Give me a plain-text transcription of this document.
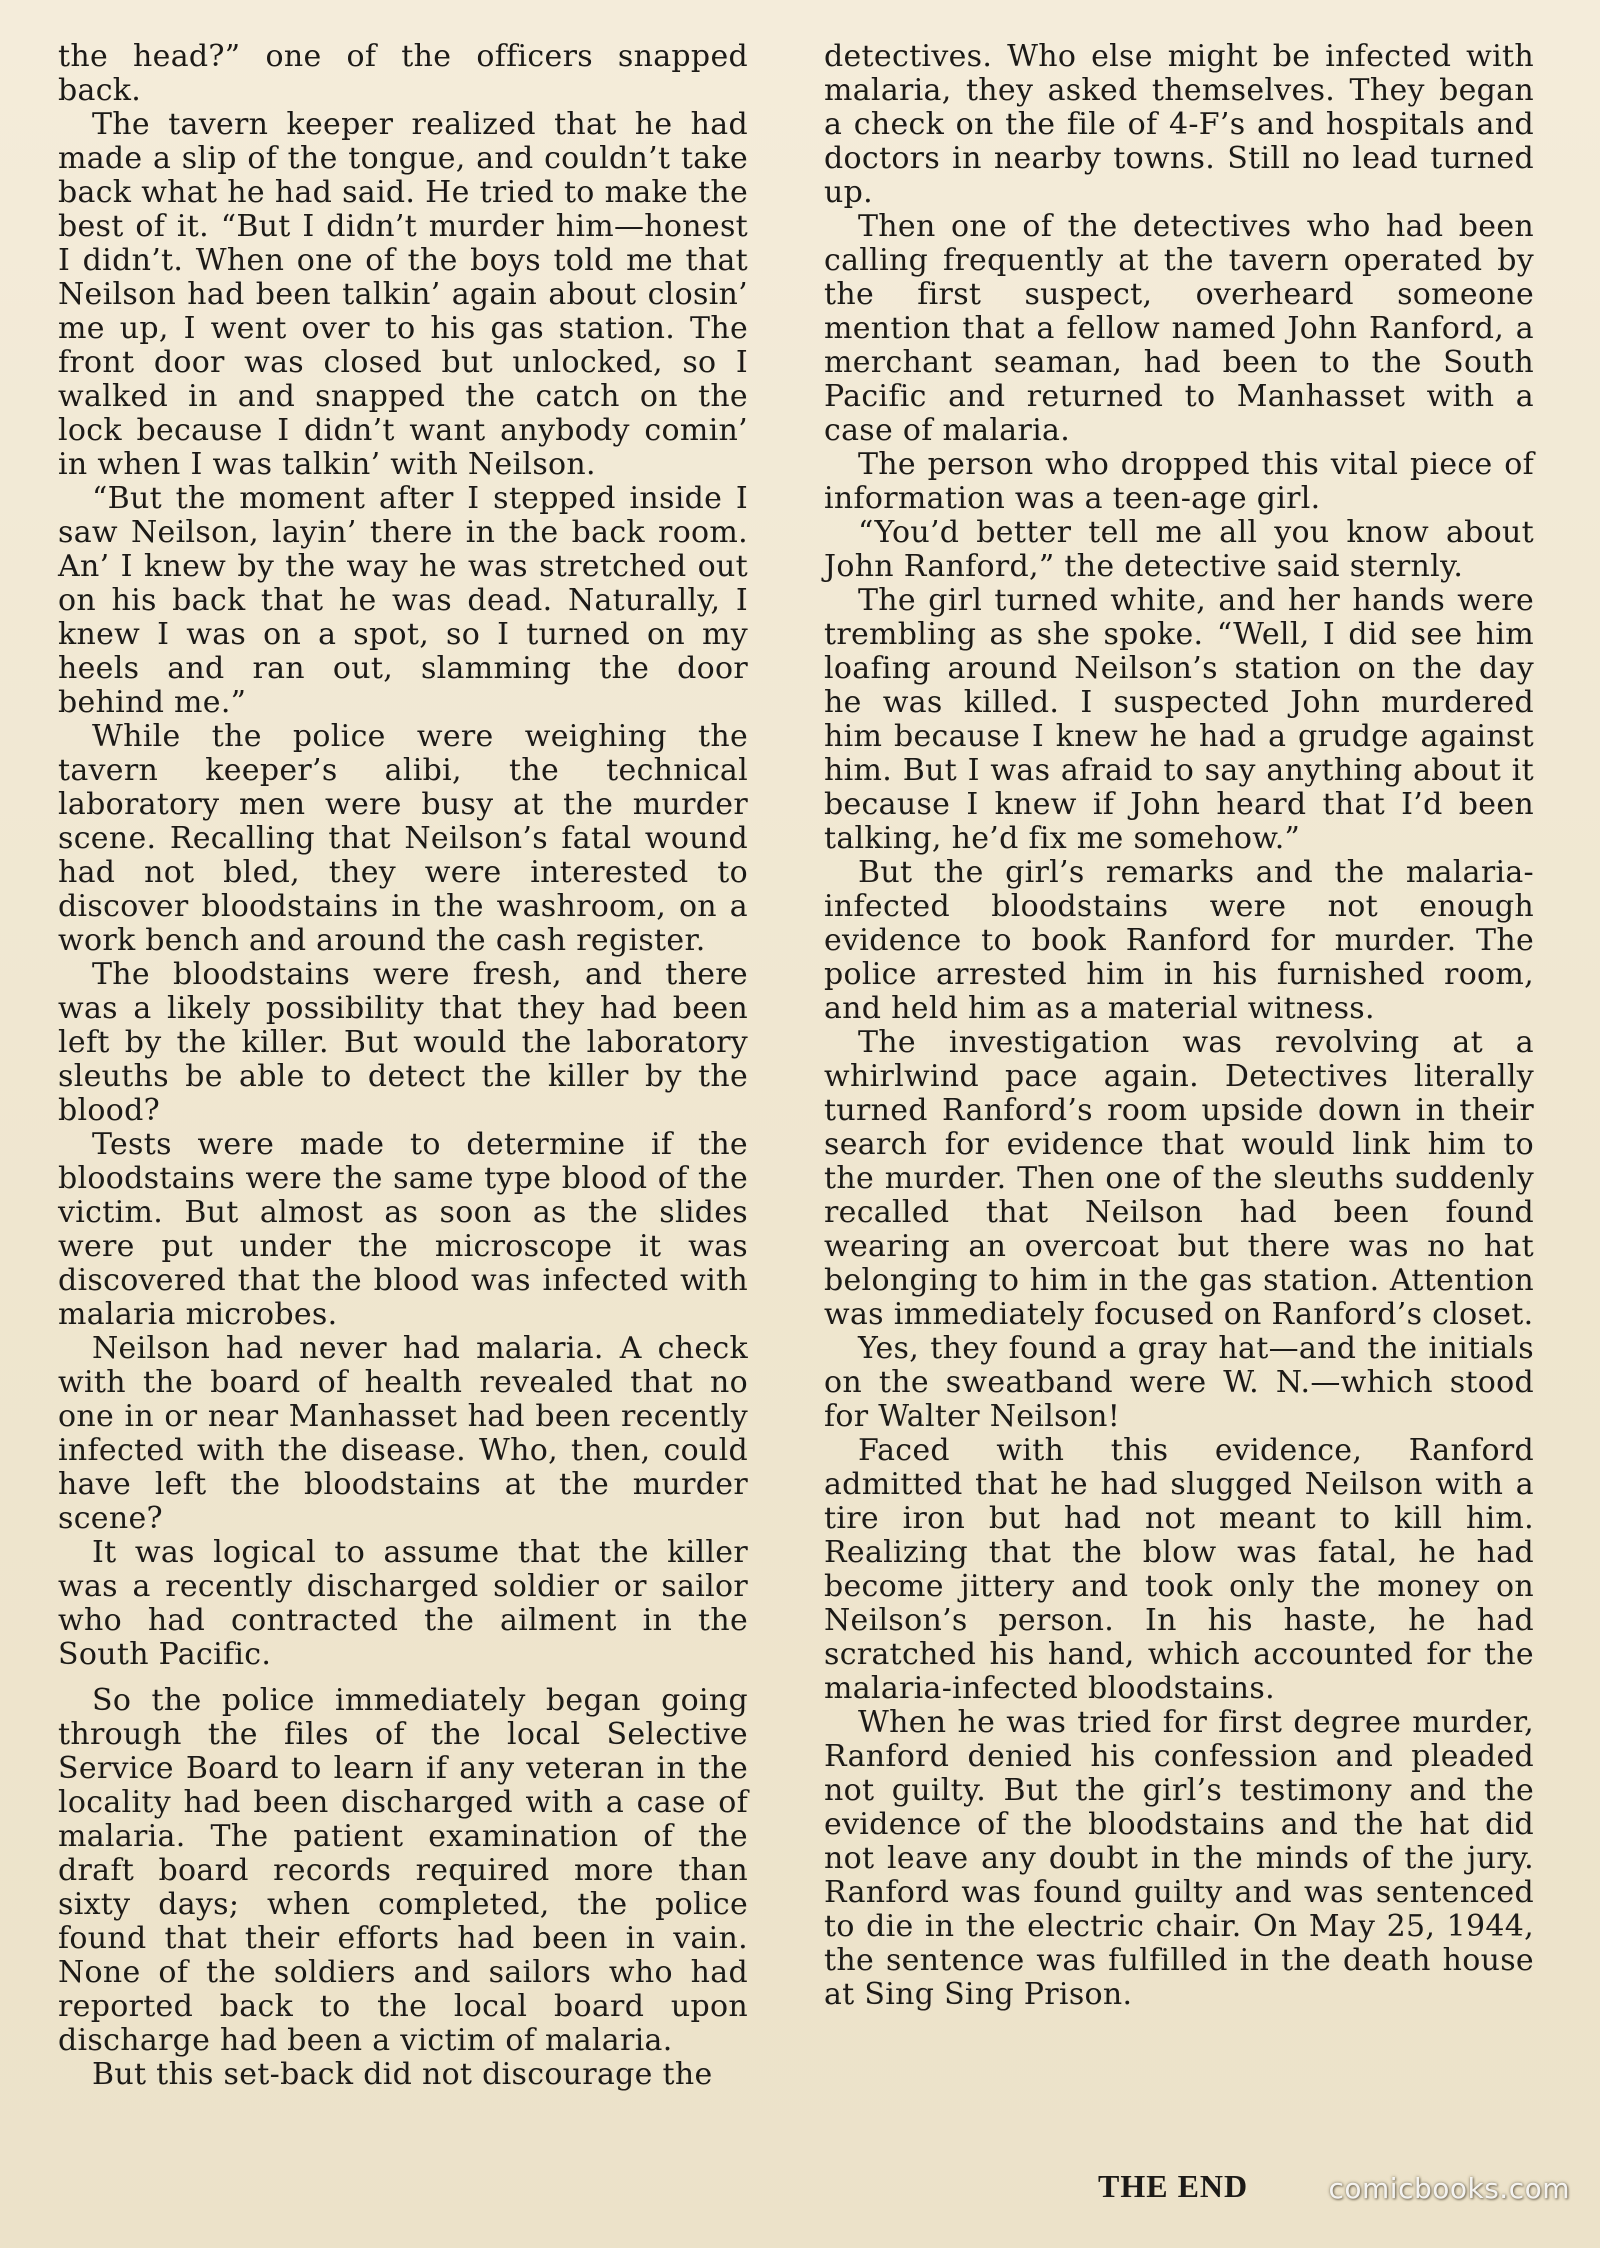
the head?” one of the officers snapped back.

The tavern keeper realized that he had made a slip of the tongue, and couldn’t take back what he had said. He tried to make the best of it. “But I didn’t murder him—honest I didn’t. When one of the boys told me that Neilson had been talkin’ again about closin’ me up, I went over to his gas station. The front door was closed but unlocked, so I walked in and snapped the catch on the lock because I didn’t want anybody comin’ in when I was talkin’ with Neilson.

“But the moment after I stepped inside I saw Neilson, layin’ there in the back room. An’ I knew by the way he was stretched out on his back that he was dead. Naturally, I knew I was on a spot, so I turned on my heels and ran out, slamming the door behind me.”

While the police were weighing the tavern keeper’s alibi, the technical laboratory men were busy at the murder scene. Recalling that Neilson’s fatal wound had not bled, they were interested to discover bloodstains in the washroom, on a work bench and around the cash register.

The bloodstains were fresh, and there was a likely possibility that they had been left by the killer. But would the laboratory sleuths be able to detect the killer by the blood?

Tests were made to determine if the bloodstains were the same type blood of the victim. But almost as soon as the slides were put under the microscope it was discovered that the blood was infected with malaria microbes.

Neilson had never had malaria. A check with the board of health revealed that no one in or near Manhasset had been recently infected with the disease. Who, then, could have left the bloodstains at the murder scene?

It was logical to assume that the killer was a recently discharged soldier or sailor who had contracted the ailment in the South Pacific.

So the police immediately began going through the files of the local Selective Service Board to learn if any veteran in the locality had been discharged with a case of malaria. The patient examination of the draft board records required more than sixty days; when completed, the police found that their efforts had been in vain. None of the soldiers and sailors who had reported back to the local board upon discharge had been a victim of malaria.

But this set-back did not discourage the

detectives. Who else might be infected with malaria, they asked themselves. They began a check on the file of 4-F’s and hospitals and doctors in nearby towns. Still no lead turned up.

Then one of the detectives who had been calling frequently at the tavern operated by the first suspect, overheard someone mention that a fellow named John Ranford, a merchant seaman, had been to the South Pacific and returned to Manhasset with a case of malaria.

The person who dropped this vital piece of information was a teen-age girl.

“You’d better tell me all you know about John Ranford,” the detective said sternly.

The girl turned white, and her hands were trembling as she spoke. “Well, I did see him loafing around Neilson’s station on the day he was killed. I suspected John murdered him because I knew he had a grudge against him. But I was afraid to say anything about it because I knew if John heard that I’d been talking, he’d fix me somehow.”

But the girl’s remarks and the malaria-infected bloodstains were not enough evidence to book Ranford for murder. The police arrested him in his furnished room, and held him as a material witness.

The investigation was revolving at a whirlwind pace again. Detectives literally turned Ranford’s room upside down in their search for evidence that would link him to the murder. Then one of the sleuths suddenly recalled that Neilson had been found wearing an overcoat but there was no hat belonging to him in the gas station. Attention was immediately focused on Ranford’s closet.

Yes, they found a gray hat—and the initials on the sweatband were W. N.—which stood for Walter Neilson!

Faced with this evidence, Ranford admitted that he had slugged Neilson with a tire iron but had not meant to kill him. Realizing that the blow was fatal, he had become jittery and took only the money on Neilson’s person. In his haste, he had scratched his hand, which accounted for the malaria-infected bloodstains.

When he was tried for first degree murder, Ranford denied his confession and pleaded not guilty. But the girl’s testimony and the evidence of the bloodstains and the hat did not leave any doubt in the minds of the jury. Ranford was found guilty and was sentenced to die in the electric chair. On May 25, 1944, the sentence was fulfilled in the death house at Sing Sing Prison.

THE END	comicbooks.com
